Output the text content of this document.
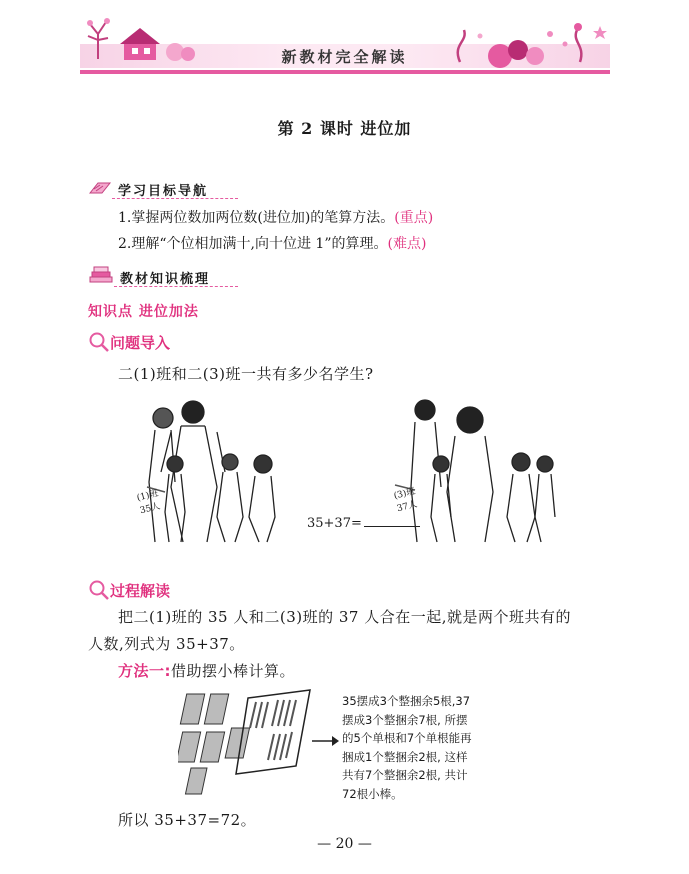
新教材完全解读
第 2 课时 进位加
学习目标导航
1.掌握两位数加两位数(进位加)的笔算方法。(重点)
2.理解“个位相加满十,向十位进 1”的算理。(难点)
教材知识梳理
知识点 进位加法
问题导入
二(1)班和二(3)班一共有多少名学生?
(1)班
35人
(3)班
37人
35+37=
过程解读
把二(1)班的 35 人和二(3)班的 37 人合在一起,就是两个班共有的
人数,列式为 35+37。
方法一:借助摆小棒计算。
35摆成3个整捆余5根,37
摆成3个整捆余7根, 所摆
的5个单根和7个单根能再
捆成1个整捆余2根, 这样
共有7个整捆余2根, 共计
72根小棒。
所以 35+37=72。
— 20 —
